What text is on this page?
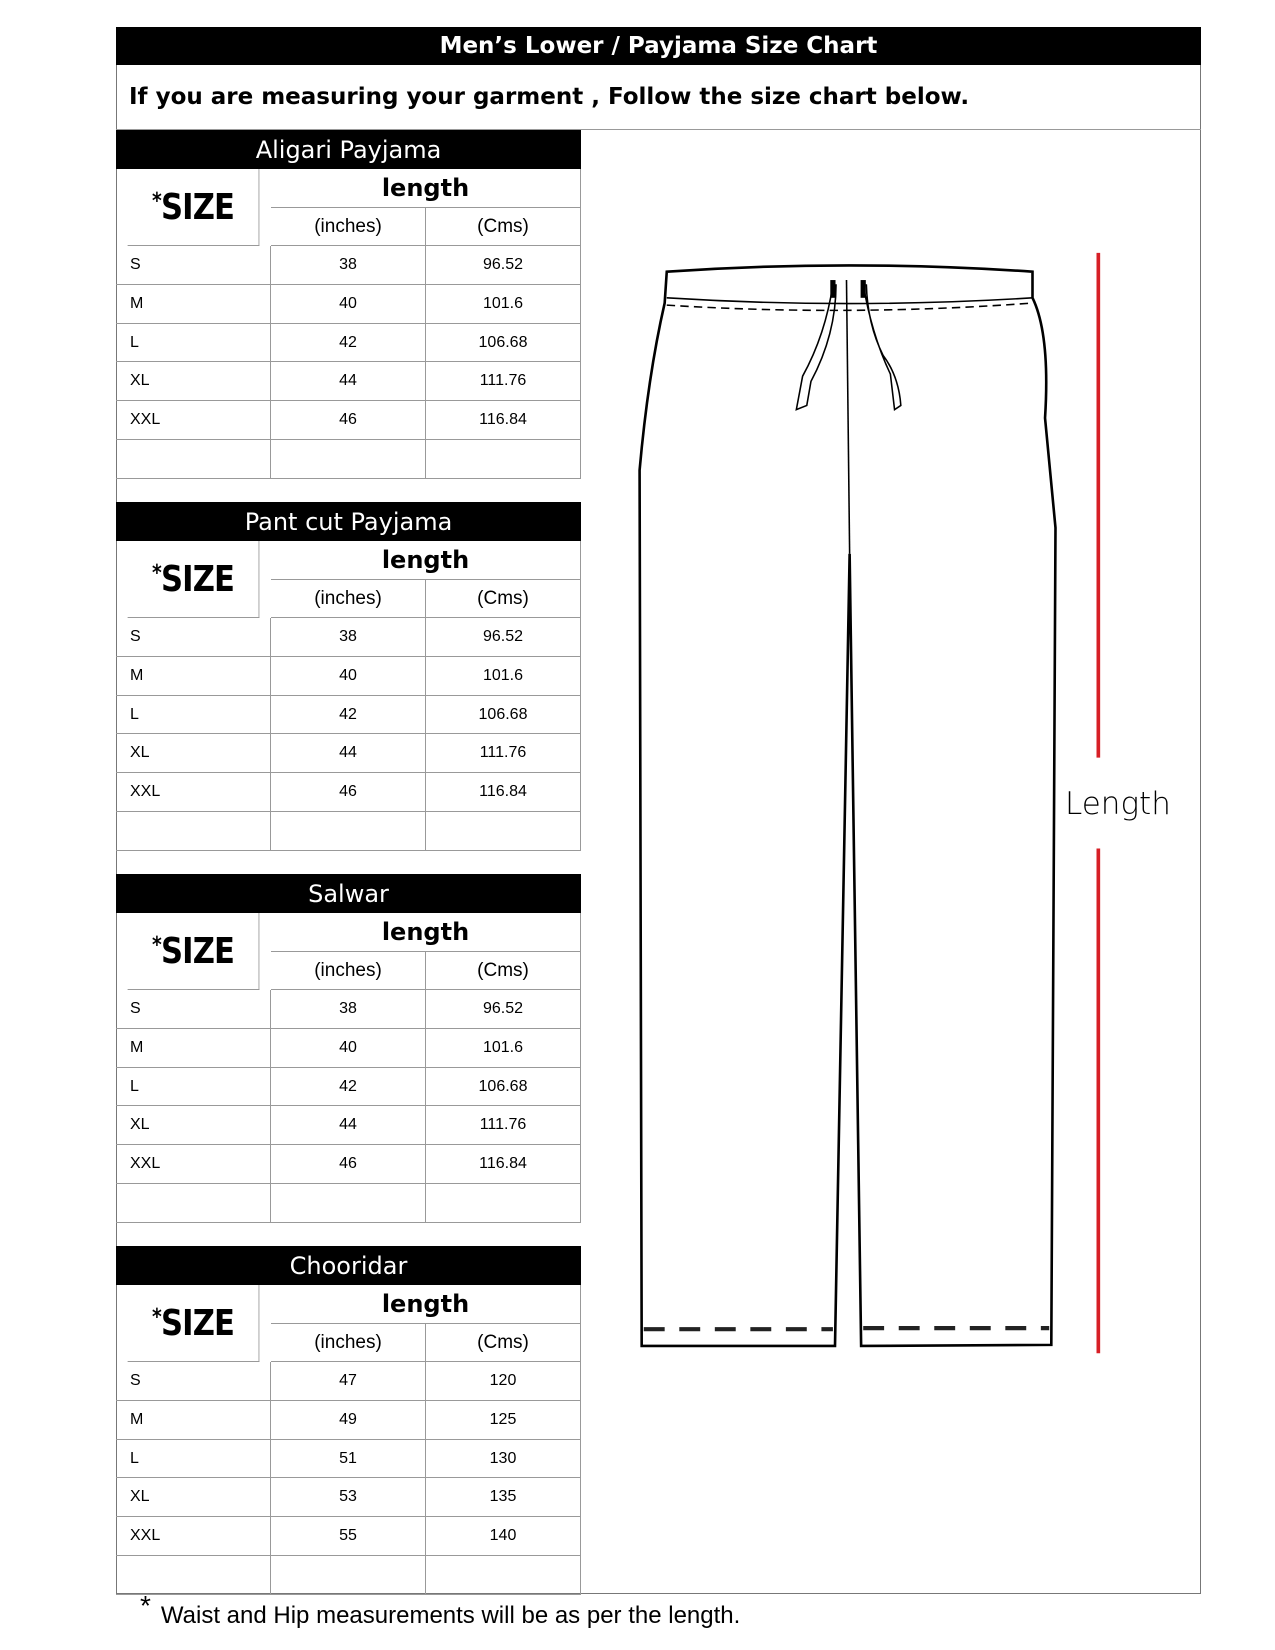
Men’s Lower / Payjama Size Chart
If you are measuring your garment , Follow the size chart below.
Aligari Payjama
* SIZE	length
(inches)	(Cms)
S	38	96.52
M	40	101.6
L	42	106.68
XL	44	111.76
XXL	46	116.84
Pant cut Payjama
* SIZE	length
(inches)	(Cms)
S	38	96.52
M	40	101.6
L	42	106.68
XL	44	111.76
XXL	46	116.84
Salwar
* SIZE	length
(inches)	(Cms)
S	38	96.52
M	40	101.6
L	42	106.68
XL	44	111.76
XXL	46	116.84
Chooridar
* SIZE	length
(inches)	(Cms)
S	47	120
M	49	125
L	51	130
XL	53	135
XXL	55	140
Length
* Waist and Hip measurements will be as per the length.
